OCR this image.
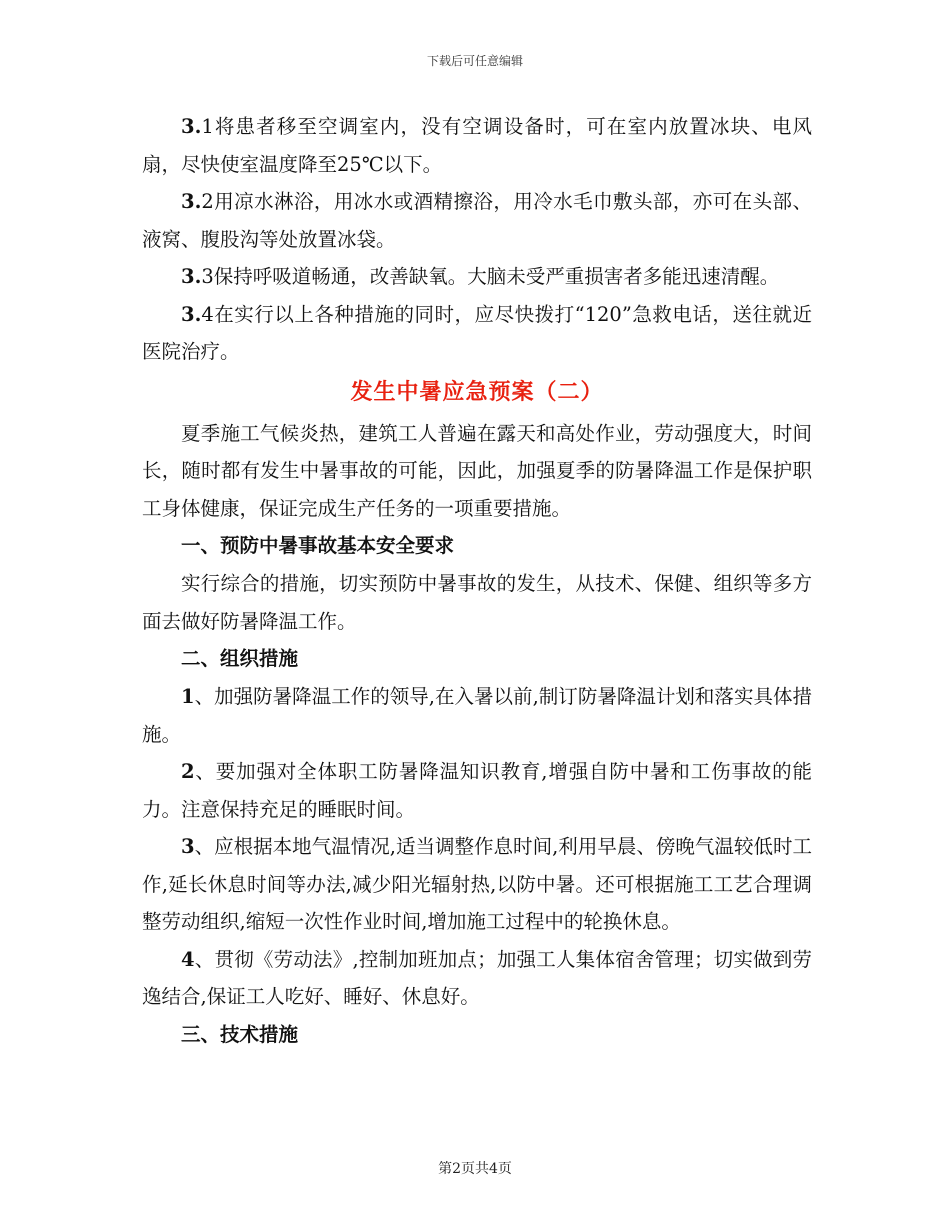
下载后可任意编辑

3.1将患者移至空调室内，没有空调设备时，可在室内放置冰块、电风扇，尽快使室温度降至25℃以下。

3.2用凉水淋浴，用冰水或酒精擦浴，用冷水毛巾敷头部，亦可在头部、液窝、腹股沟等处放置冰袋。

3.3保持呼吸道畅通，改善缺氧。大脑未受严重损害者多能迅速清醒。

3.4在实行以上各种措施的同时，应尽快拨打“120”急救电话，送往就近医院治疗。

发生中暑应急预案（二）

夏季施工气候炎热，建筑工人普遍在露天和高处作业，劳动强度大，时间长，随时都有发生中暑事故的可能，因此，加强夏季的防暑降温工作是保护职工身体健康，保证完成生产任务的一项重要措施。

一、预防中暑事故基本安全要求

实行综合的措施，切实预防中暑事故的发生，从技术、保健、组织等多方面去做好防暑降温工作。

二、组织措施

1、加强防暑降温工作的领导,在入暑以前,制订防暑降温计划和落实具体措施。

2、要加强对全体职工防暑降温知识教育,增强自防中暑和工伤事故的能力。注意保持充足的睡眠时间。

3、应根据本地气温情况,适当调整作息时间,利用早晨、傍晚气温较低时工作,延长休息时间等办法,减少阳光辐射热,以防中暑。还可根据施工工艺合理调整劳动组织,缩短一次性作业时间,增加施工过程中的轮换休息。

4、贯彻《劳动法》,控制加班加点；加强工人集体宿舍管理；切实做到劳逸结合,保证工人吃好、睡好、休息好。

三、技术措施

第2页共4页
